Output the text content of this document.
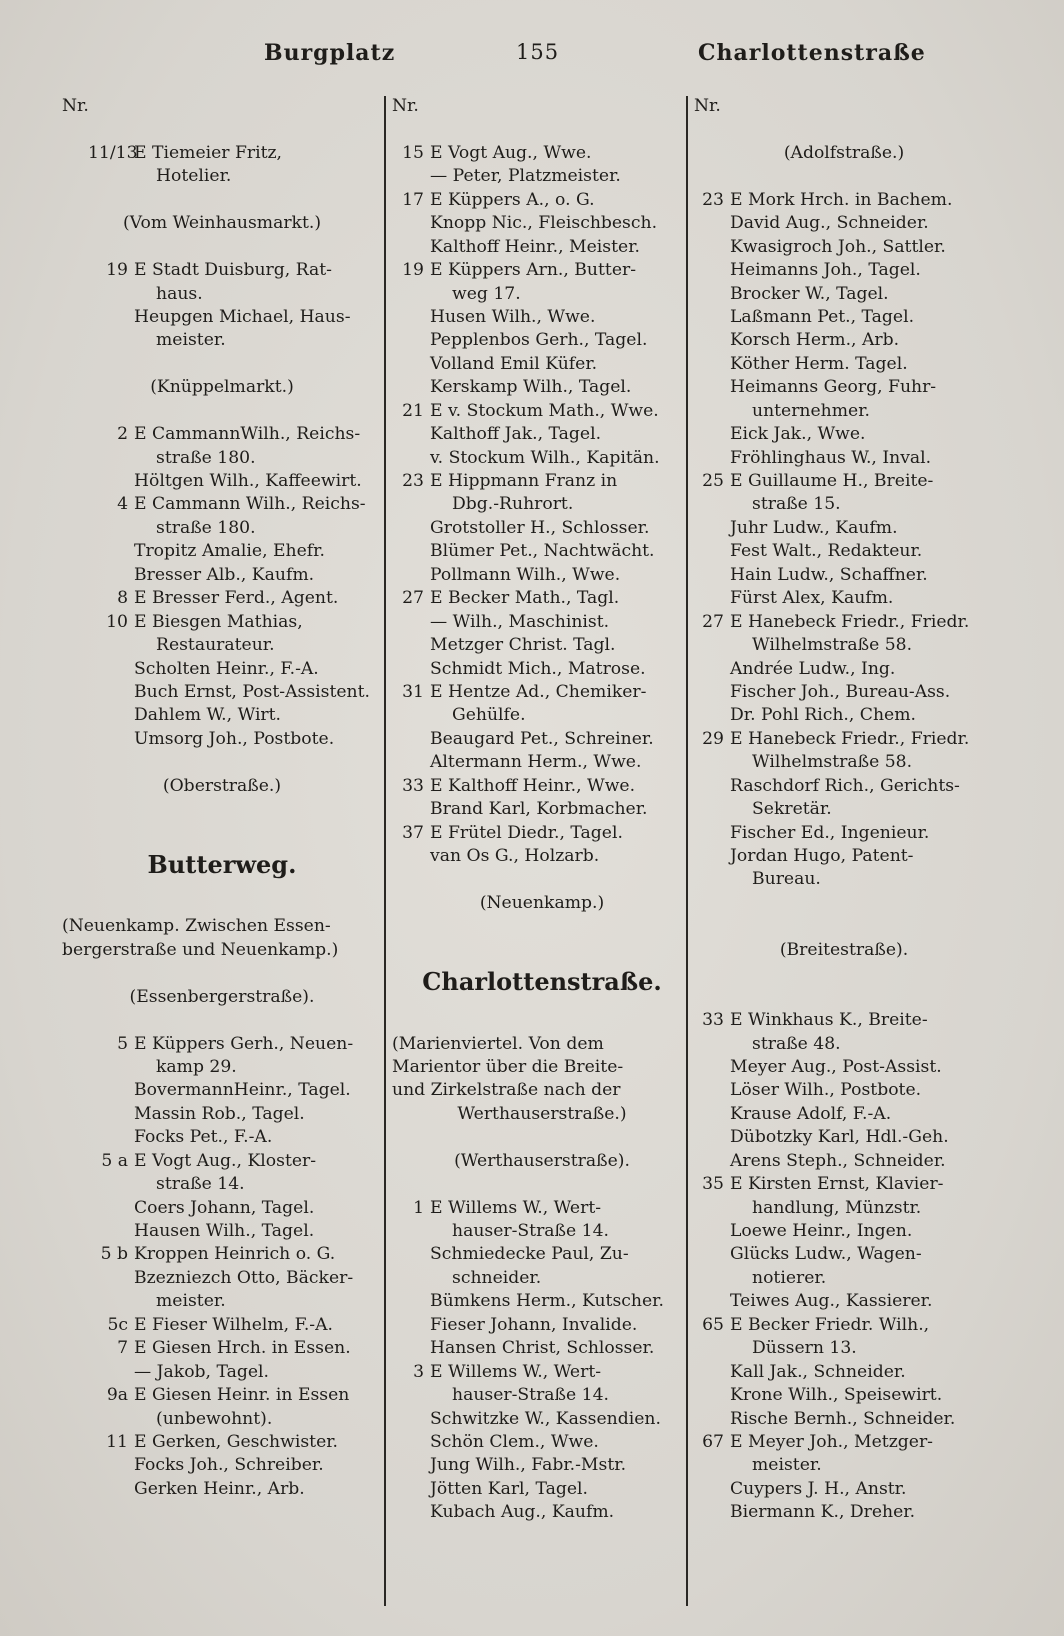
Burgplatz	155	Charlottenstraße
Nr.
11/13
E Tiemeier Fritz,
Hotelier.
(Vom Weinhausmarkt.)
19 E Stadt Duisburg, Rat-
haus.
Heupgen Michael, Haus-
meister.
(Knüppelmarkt.)
2 E CammannWilh., Reichs-
straße 180.
Höltgen Wilh., Kaffeewirt.
4 E Cammann Wilh., Reichs-
straße 180.
Tropitz Amalie, Ehefr.
Bresser Alb., Kaufm.
8 E Bresser Ferd., Agent.
10 E Biesgen Mathias,
Restaurateur.
Scholten Heinr., F.-A.
Buch Ernst, Post-Assistent.
Dahlem W., Wirt.
Umsorg Joh., Postbote.
(Oberstraße.)
Butterweg.
(Neuenkamp. Zwischen Essen-
bergerstraße und Neuenkamp.)
(Essenbergerstraße).
5 E Küppers Gerh., Neuen-
kamp 29.
BovermannHeinr., Tagel.
Massin Rob., Tagel.
Focks Pet., F.-A.
5 a E Vogt Aug., Kloster-
straße 14.
Coers Johann, Tagel.
Hausen Wilh., Tagel.
5 b Kroppen Heinrich o. G.
Bzezniezch Otto, Bäcker-
meister.
5c E Fieser Wilhelm, F.-A.
7 E Giesen Hrch. in Essen.
— Jakob, Tagel.
9a E Giesen Heinr. in Essen
(unbewohnt).
11 E Gerken, Geschwister.
Focks Joh., Schreiber.
Gerken Heinr., Arb.
Nr.
15 E Vogt Aug., Wwe.
— Peter, Platzmeister.
17 E Küppers A., o. G.
Knopp Nic., Fleischbesch.
Kalthoff Heinr., Meister.
19 E Küppers Arn., Butter-
weg 17.
Husen Wilh., Wwe.
Pepplenbos Gerh., Tagel.
Volland Emil Küfer.
Kerskamp Wilh., Tagel.
21 E v. Stockum Math., Wwe.
Kalthoff Jak., Tagel.
v. Stockum Wilh., Kapitän.
23 E Hippmann Franz in
Dbg.-Ruhrort.
Grotstoller H., Schlosser.
Blümer Pet., Nachtwächt.
Pollmann Wilh., Wwe.
27 E Becker Math., Tagl.
— Wilh., Maschinist.
Metzger Christ. Tagl.
Schmidt Mich., Matrose.
31 E Hentze Ad., Chemiker-
Gehülfe.
Beaugard Pet., Schreiner.
Altermann Herm., Wwe.
33 E Kalthoff Heinr., Wwe.
Brand Karl, Korbmacher.
37 E Frütel Diedr., Tagel.
van Os G., Holzarb.
(Neuenkamp.)
Charlottenstraße.
(Marienviertel. Von dem
Marientor über die Breite-
und Zirkelstraße nach der
Werthauserstraße.)
(Werthauserstraße).
1 E Willems W., Wert-
hauser-Straße 14.
Schmiedecke Paul, Zu-
schneider.
Bümkens Herm., Kutscher.
Fieser Johann, Invalide.
Hansen Christ, Schlosser.
3 E Willems W., Wert-
hauser-Straße 14.
Schwitzke W., Kassendien.
Schön Clem., Wwe.
Jung Wilh., Fabr.-Mstr.
Jötten Karl, Tagel.
Kubach Aug., Kaufm.
Nr.
(Adolfstraße.)
23 E Mork Hrch. in Bachem.
David Aug., Schneider.
Kwasigroch Joh., Sattler.
Heimanns Joh., Tagel.
Brocker W., Tagel.
Laßmann Pet., Tagel.
Korsch Herm., Arb.
Köther Herm. Tagel.
Heimanns Georg, Fuhr-
unternehmer.
Eick Jak., Wwe.
Fröhlinghaus W., Inval.
25 E Guillaume H., Breite-
straße 15.
Juhr Ludw., Kaufm.
Fest Walt., Redakteur.
Hain Ludw., Schaffner.
Fürst Alex, Kaufm.
27 E Hanebeck Friedr., Friedr.
Wilhelmstraße 58.
Andrée Ludw., Ing.
Fischer Joh., Bureau-Ass.
Dr. Pohl Rich., Chem.
29 E Hanebeck Friedr., Friedr.
Wilhelmstraße 58.
Raschdorf Rich., Gerichts-
Sekretär.
Fischer Ed., Ingenieur.
Jordan Hugo, Patent-
Bureau.
(Breitestraße).
33 E Winkhaus K., Breite-
straße 48.
Meyer Aug., Post-Assist.
Löser Wilh., Postbote.
Krause Adolf, F.-A.
Dübotzky Karl, Hdl.-Geh.
Arens Steph., Schneider.
35 E Kirsten Ernst, Klavier-
handlung, Münzstr.
Loewe Heinr., Ingen.
Glücks Ludw., Wagen-
notierer.
Teiwes Aug., Kassierer.
65 E Becker Friedr. Wilh.,
Düssern 13.
Kall Jak., Schneider.
Krone Wilh., Speisewirt.
Rische Bernh., Schneider.
67 E Meyer Joh., Metzger-
meister.
Cuypers J. H., Anstr.
Biermann K., Dreher.
